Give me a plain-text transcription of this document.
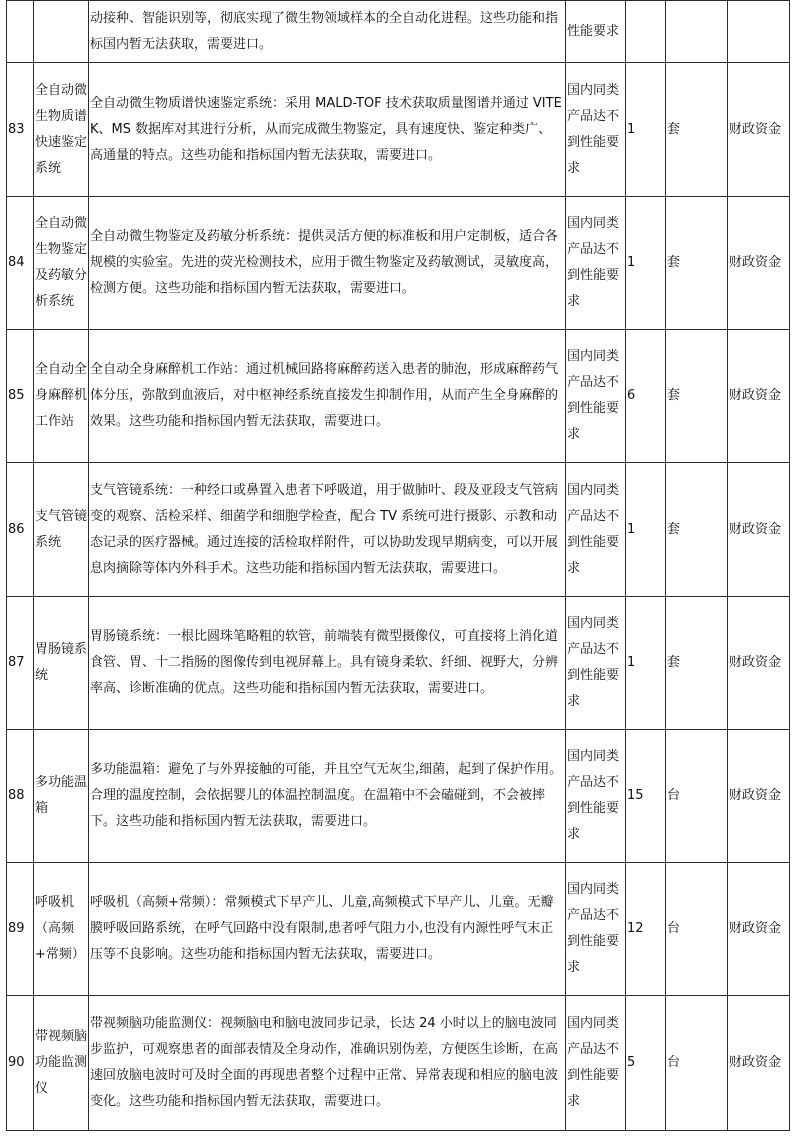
		动接种、智能识别等，彻底实现了微生物领域样本的全自动化进程。这些功能和指标国内暂无法获取，需要进口。	性能要求			
83	全自动微生物质谱快速鉴定系统	全自动微生物质谱快速鉴定系统：采用 MALD-TOF 技术获取质量图谱并通过 VITEK、MS 数据库对其进行分析，从而完成微生物鉴定，具有速度快、鉴定种类广、高通量的特点。这些功能和指标国内暂无法获取，需要进口。	国内同类产品达不到性能要求	1	套	财政资金
84	全自动微生物鉴定及药敏分析系统	全自动微生物鉴定及药敏分析系统：提供灵活方便的标准板和用户定制板，适合各规模的实验室。先进的荧光检测技术，应用于微生物鉴定及药敏测试，灵敏度高，检测方便。这些功能和指标国内暂无法获取，需要进口。	国内同类产品达不到性能要求	1	套	财政资金
85	全自动全身麻醉机工作站	全自动全身麻醉机工作站：通过机械回路将麻醉药送入患者的肺泡，形成麻醉药气体分压，弥散到血液后，对中枢神经系统直接发生抑制作用，从而产生全身麻醉的效果。这些功能和指标国内暂无法获取，需要进口。	国内同类产品达不到性能要求	6	套	财政资金
86	支气管镜系统	支气管镜系统：一种经口或鼻置入患者下呼吸道，用于做肺叶、段及亚段支气管病变的观察、活检采样、细菌学和细胞学检查，配合 TV 系统可进行摄影、示教和动态记录的医疗器械。通过连接的活检取样附件，可以协助发现早期病变，可以开展息肉摘除等体内外科手术。这些功能和指标国内暂无法获取，需要进口。	国内同类产品达不到性能要求	1	套	财政资金
87	胃肠镜系统	胃肠镜系统：一根比圆珠笔略粗的软管，前端装有微型摄像仪，可直接将上消化道食管、胃、十二指肠的图像传到电视屏幕上。具有镜身柔软、纤细、视野大，分辨率高、诊断准确的优点。这些功能和指标国内暂无法获取，需要进口。	国内同类产品达不到性能要求	1	套	财政资金
88	多功能温箱	多功能温箱：避免了与外界接触的可能，并且空气无灰尘,细菌，起到了保护作用。合理的温度控制，会依据婴儿的体温控制温度。在温箱中不会磕碰到，不会被摔下。这些功能和指标国内暂无法获取，需要进口。	国内同类产品达不到性能要求	15	台	财政资金
89	呼吸机（高频+常频）	呼吸机（高频+常频）：常频模式下早产儿、儿童,高频模式下早产儿、儿童。无瓣膜呼吸回路系统，在呼气回路中没有限制,患者呼气阻力小,也没有内源性呼气末正压等不良影响。这些功能和指标国内暂无法获取，需要进口。	国内同类产品达不到性能要求	12	台	财政资金
90	带视频脑功能监测仪	带视频脑功能监测仪：视频脑电和脑电波同步记录，长达 24 小时以上的脑电波同步监护，可观察患者的面部表情及全身动作，准确识别伪差，方便医生诊断，在高速回放脑电波时可及时全面的再现患者整个过程中正常、异常表现和相应的脑电波变化。这些功能和指标国内暂无法获取，需要进口。	国内同类产品达不到性能要求	5	台	财政资金
